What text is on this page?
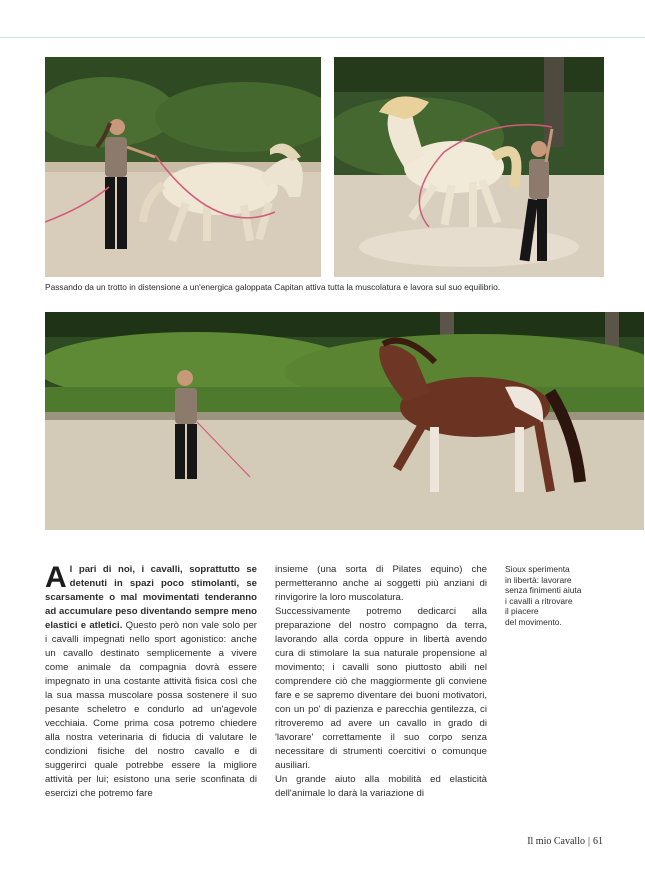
Passando da un trotto in distensione a un'energica galoppata Capitan attiva tutta la muscolatura e lavora sul suo equilibrio.

Al pari di noi, i cavalli, soprattutto se detenuti in spazi poco stimolanti, se scarsamente o mal movimentati tenderanno ad accumulare peso diventando sempre meno elastici e atletici. Questo però non vale solo per i cavalli impegnati nello sport agonistico: anche un cavallo destinato semplicemente a vivere come animale da compagnia dovrà essere impegnato in una costante attività fisica così che la sua massa muscolare possa sostenere il suo pesante scheletro e condurlo ad un'agevole vecchiaia. Come prima cosa potremo chiedere alla nostra veterinaria di fiducia di valutare le condizioni fisiche del nostro cavallo e di suggerirci quale potrebbe essere la migliore attività per lui; esistono una serie sconfinata di esercizi che potremo fare

insieme (una sorta di Pilates equino) che permetteranno anche ai soggetti più anziani di rinvigorire la loro muscolatura.

Successivamente potremo dedicarci alla preparazione del nostro compagno da terra, lavorando alla corda oppure in libertà avendo cura di stimolare la sua naturale propensione al movimento; i cavalli sono piuttosto abili nel comprendere ciò che maggiormente gli conviene fare e se sapremo diventare dei buoni motivatori, con un po' di pazienza e parecchia gentilezza, ci ritroveremo ad avere un cavallo in grado di 'lavorare' correttamente il suo corpo senza necessitare di strumenti coercitivi o comunque ausiliari.

Un grande aiuto alla mobilità ed elasticità dell'animale lo darà la variazione di

Sioux sperimenta
in libertà: lavorare
senza finimenti aiuta
i cavalli a ritrovare
il piacere
del movimento.
Il mio Cavallo | 61
